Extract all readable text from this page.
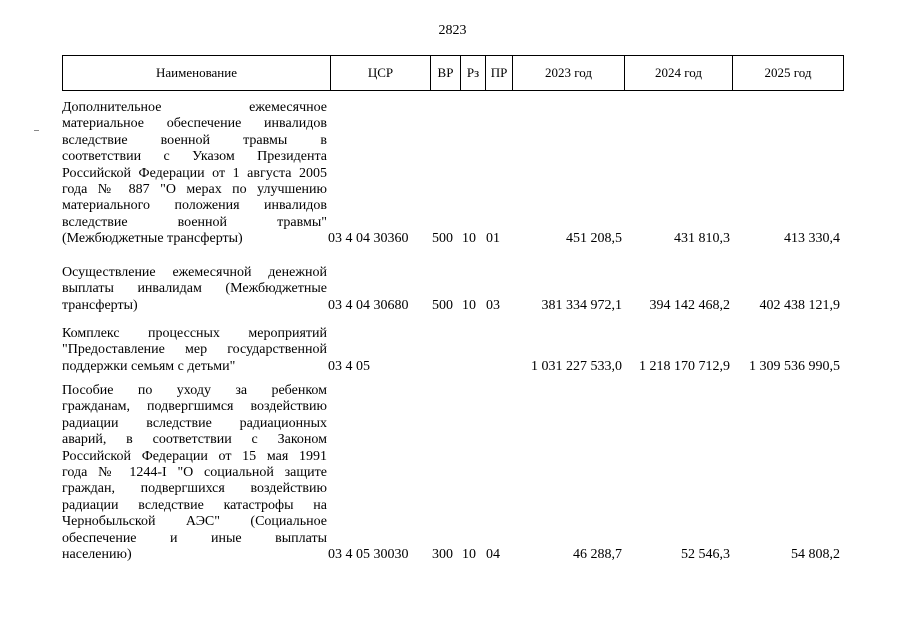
2823
Наименование	ЦСР	ВР	Рз ПР	2023 год	2024 год	2025 год
Дополнительное ежемесячное
материальное обеспечение инвалидов
вследствие военной травмы в
соответствии с Указом Президента
Российской Федерации от 1 августа 2005
года № 887 "О мерах по улучшению
материального положения инвалидов
вследствие военной травмы"
(Межбюджетные трансферты)	03 4 04 30360	500 10 01	451 208,5	431 810,3	413 330,4
Осуществление ежемесячной денежной
выплаты инвалидам (Межбюджетные
трансферты)	03 4 04 30680	500 10 03	381 334 972,1	394 142 468,2	402 438 121,9
Комплекс процессных мероприятий
"Предоставление мер государственной
поддержки семьям с детьми"	03 4 05	1 031 227 533,0	1 218 170 712,9	1 309 536 990,5
Пособие по уходу за ребенком
гражданам, подвергшимся воздействию
радиации вследствие радиационных
аварий, в соответствии с Законом
Российской Федерации от 15 мая 1991
года № 1244-I "О социальной защите
граждан, подвергшихся воздействию
радиации вследствие катастрофы на
Чернобыльской АЭС" (Социальное
обеспечение и иные выплаты
населению)	03 4 05 30030	300 10 04	46 288,7	52 546,3	54 808,2
